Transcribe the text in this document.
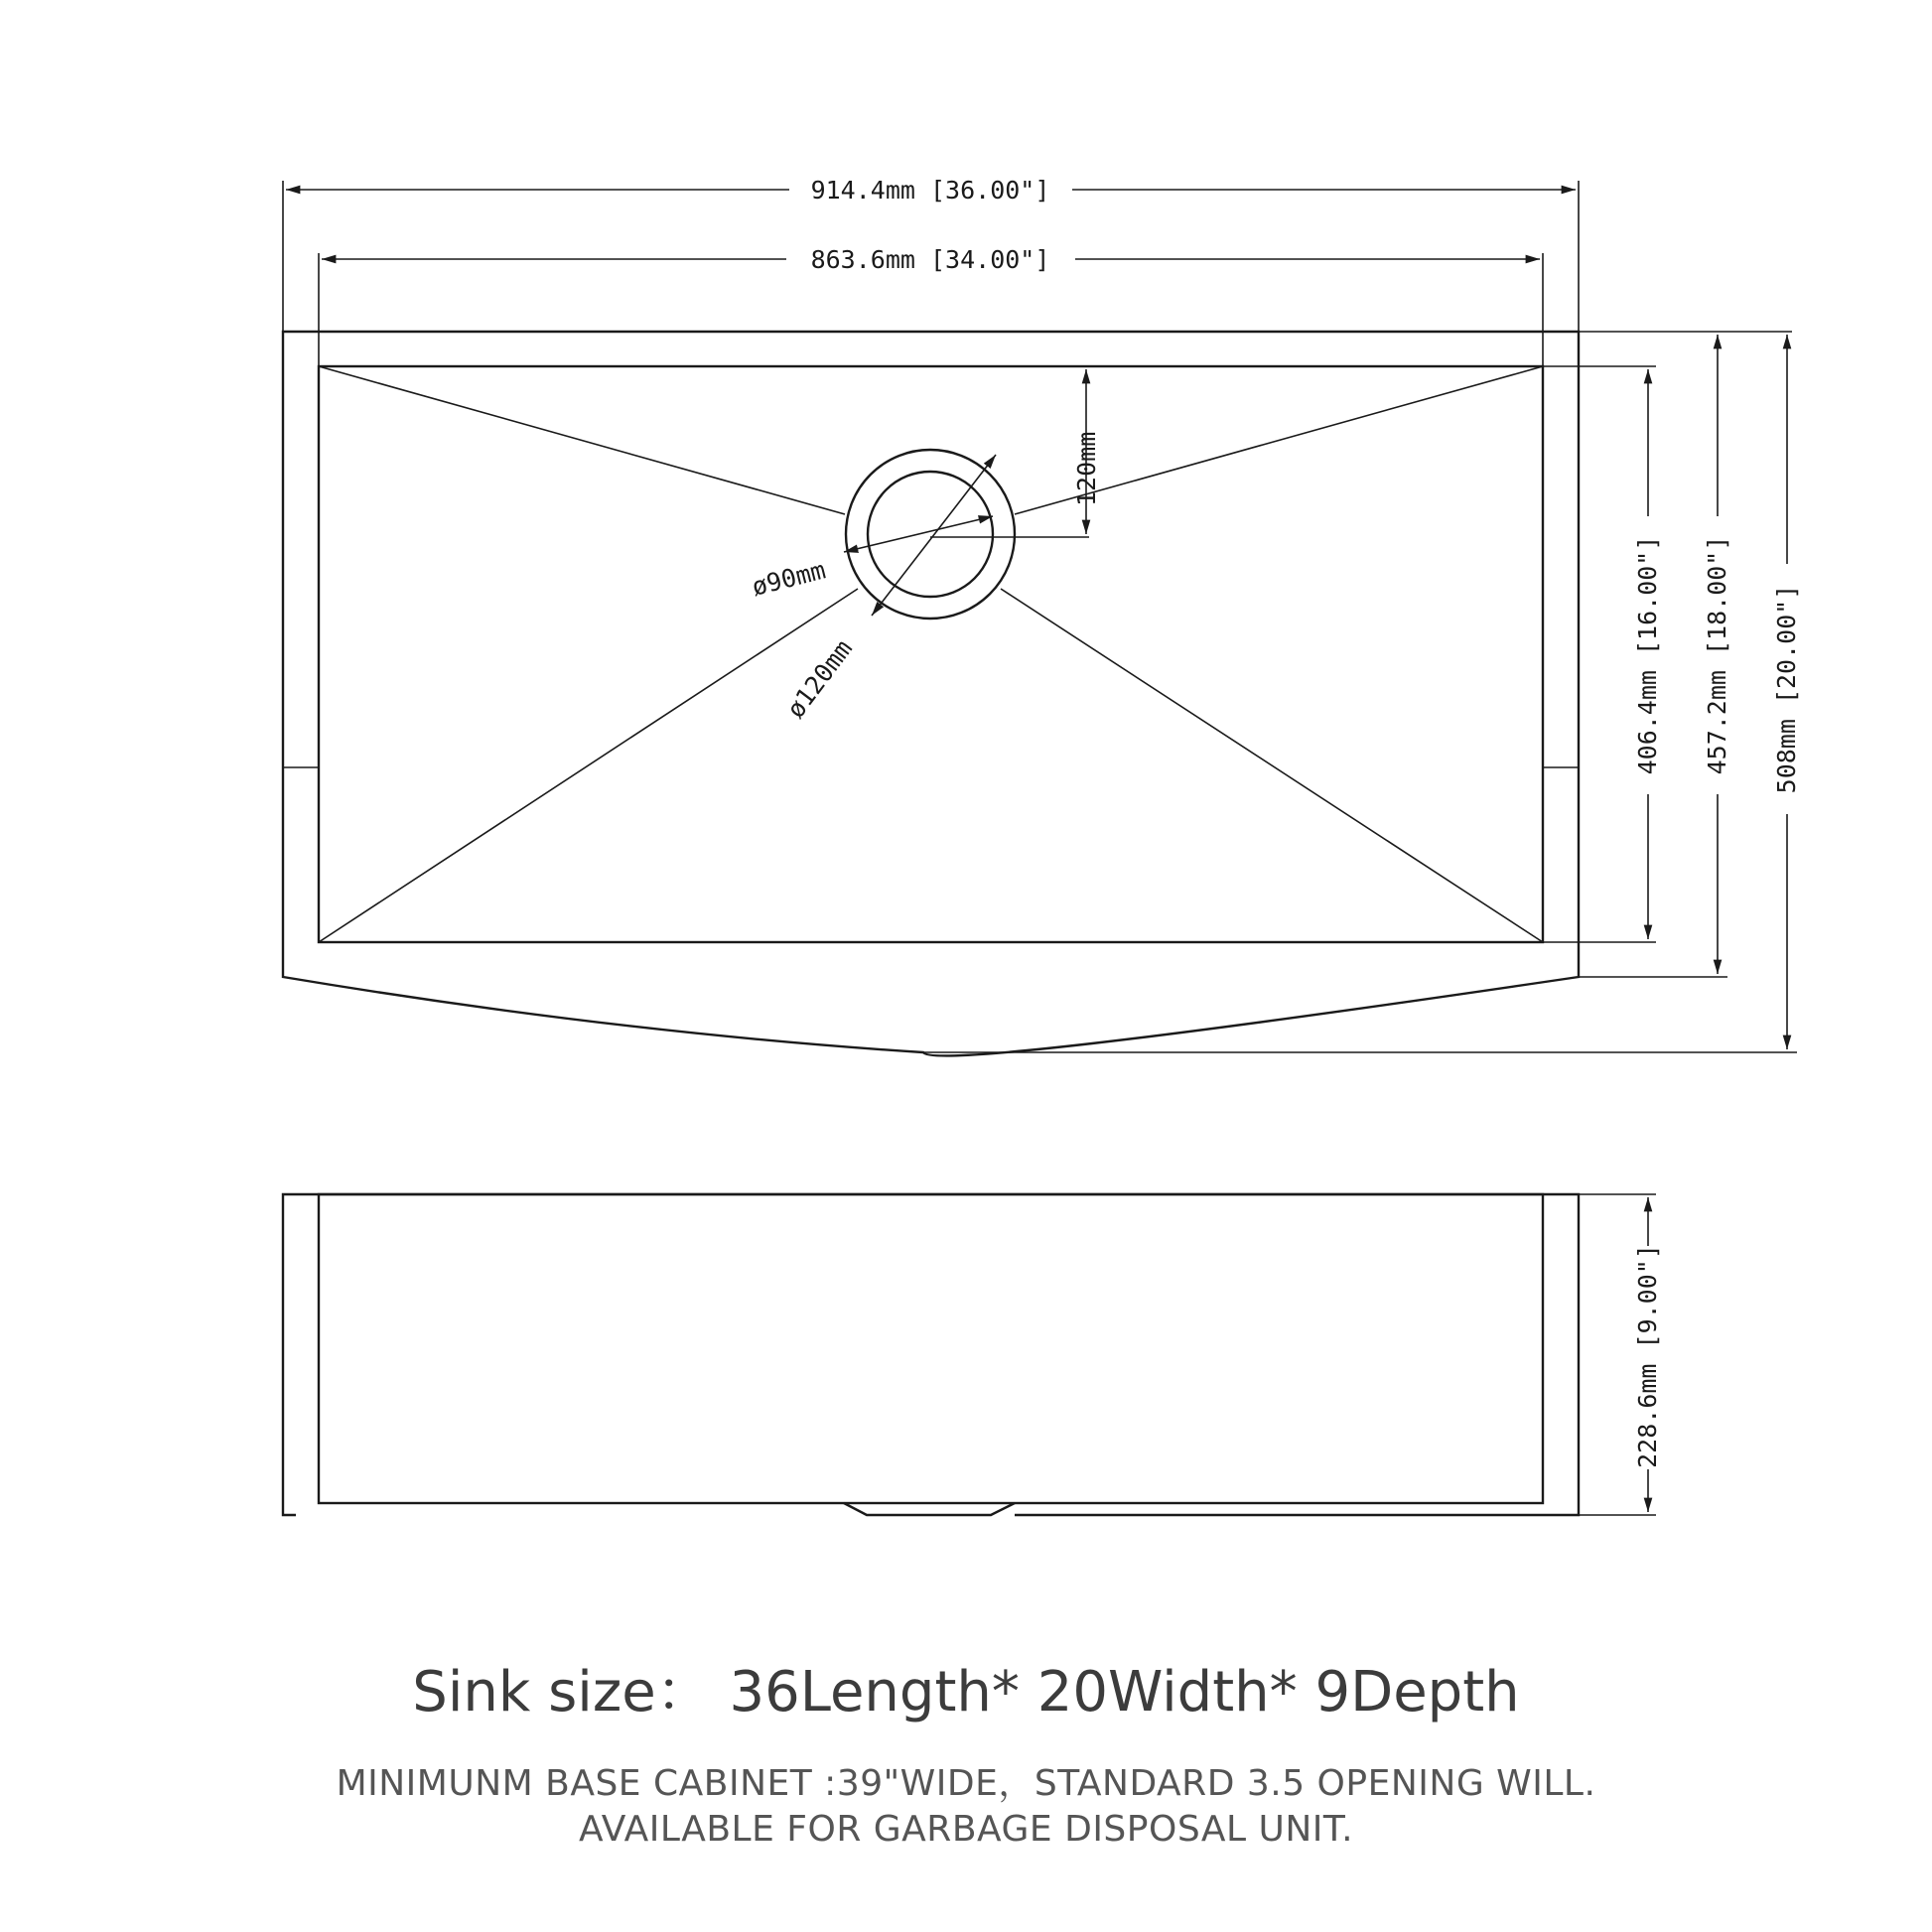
120mm
ø90mm
ø120mm
914.4mm [36.00"]
863.6mm [34.00"]
406.4mm [16.00"] 457.2mm [18.00"] 508mm [20.00"]
228.6mm [9.00"]
Sink size： 36Length* 20Width* 9Depth
MINIMUNM BASE CABINET :39"WIDE，STANDARD 3.5 OPENING WILL.
AVAILABLE FOR GARBAGE DISPOSAL UNIT.
